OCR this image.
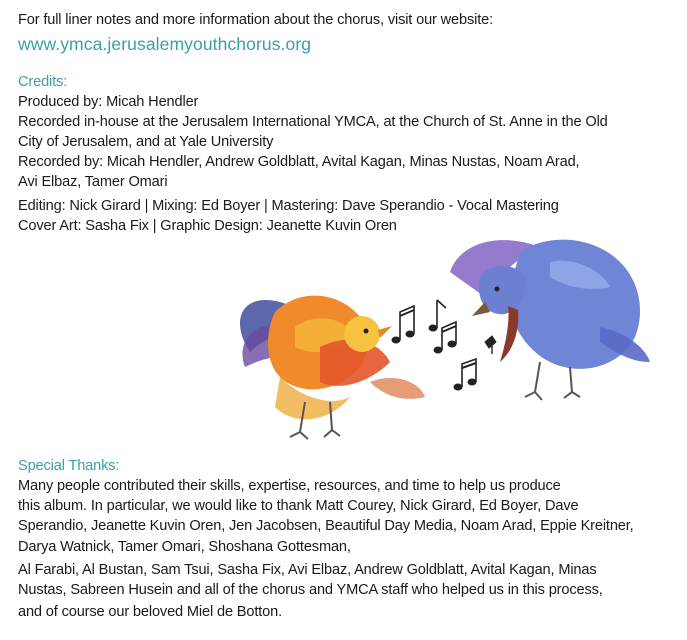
For full liner notes and more information about the chorus, visit our website:
www.ymca.jerusalemyouthchorus.org
Credits:
Produced by: Micah Hendler
Recorded in-house at the Jerusalem International YMCA, at the Church of St. Anne in the Old
City of Jerusalem, and at Yale University
Recorded by: Micah Hendler, Andrew Goldblatt, Avital Kagan, Minas Nustas, Noam Arad,
Avi Elbaz, Tamer Omari
Editing: Nick Girard | Mixing: Ed Boyer | Mastering: Dave Sperandio - Vocal Mastering
Cover Art: Sasha Fix | Graphic Design: Jeanette Kuvin Oren
Special Thanks:
Many people contributed their skills, expertise, resources, and time to help us produce
this album. In particular, we would like to thank Matt Courey, Nick Girard, Ed Boyer, Dave
Sperandio, Jeanette Kuvin Oren, Jen Jacobsen, Beautiful Day Media, Noam Arad, Eppie Kreitner,
Darya Watnick, Tamer Omari, Shoshana Gottesman,
Al Farabi, Al Bustan, Sam Tsui, Sasha Fix, Avi Elbaz, Andrew Goldblatt, Avital Kagan, Minas
Nustas, Sabreen Husein and all of the chorus and YMCA staff who helped us in this process,
and of course our beloved Miel de Botton.
